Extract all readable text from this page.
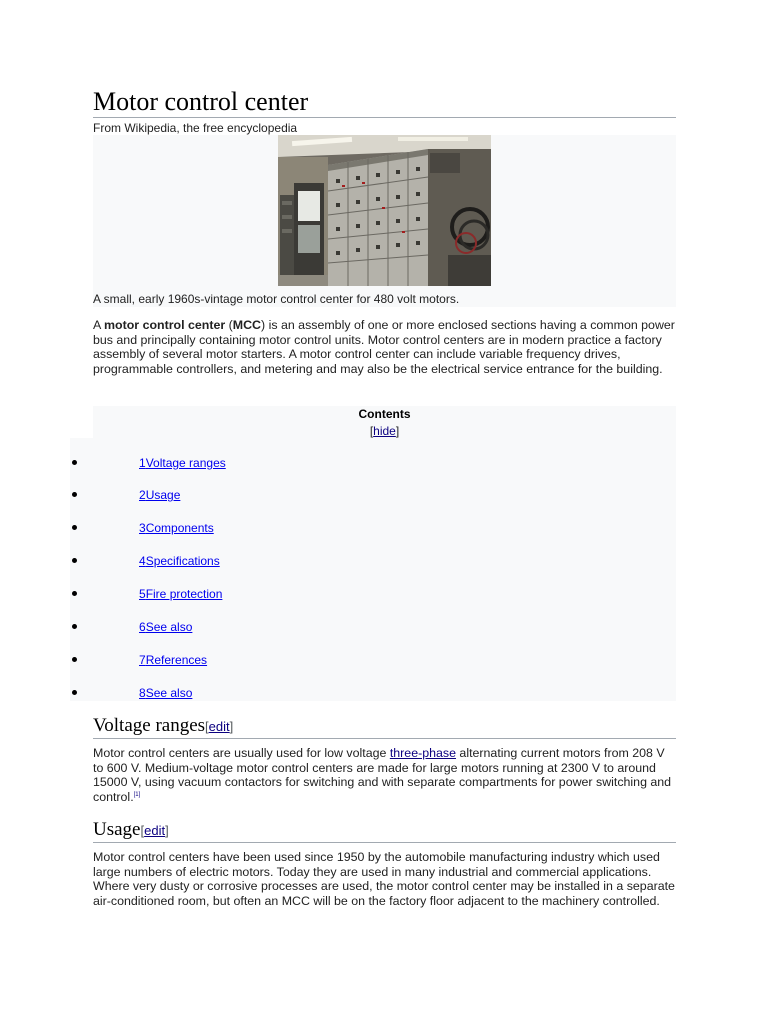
Motor control center
From Wikipedia, the free encyclopedia
A small, early 1960s-vintage motor control center for 480 volt motors.

A motor control center (MCC) is an assembly of one or more enclosed sections having a common power bus and principally containing motor control units. Motor control centers are in modern practice a factory assembly of several motor starters. A motor control center can include variable frequency drives, programmable controllers, and metering and may also be the electrical service entrance for the building.

Contents
[hide]
1Voltage ranges
2Usage
3Components
4Specifications
5Fire protection
6See also
7References
8See also
Voltage ranges[edit]

Motor control centers are usually used for low voltage three-phase alternating current motors from 208 V to 600 V. Medium-voltage motor control centers are made for large motors running at 2300 V to around 15000 V, using vacuum contactors for switching and with separate compartments for power switching and control.[1]

Usage[edit]

Motor control centers have been used since 1950 by the automobile manufacturing industry which used large numbers of electric motors. Today they are used in many industrial and commercial applications. Where very dusty or corrosive processes are used, the motor control center may be installed in a separate air-conditioned room, but often an MCC will be on the factory floor adjacent to the machinery controlled.
